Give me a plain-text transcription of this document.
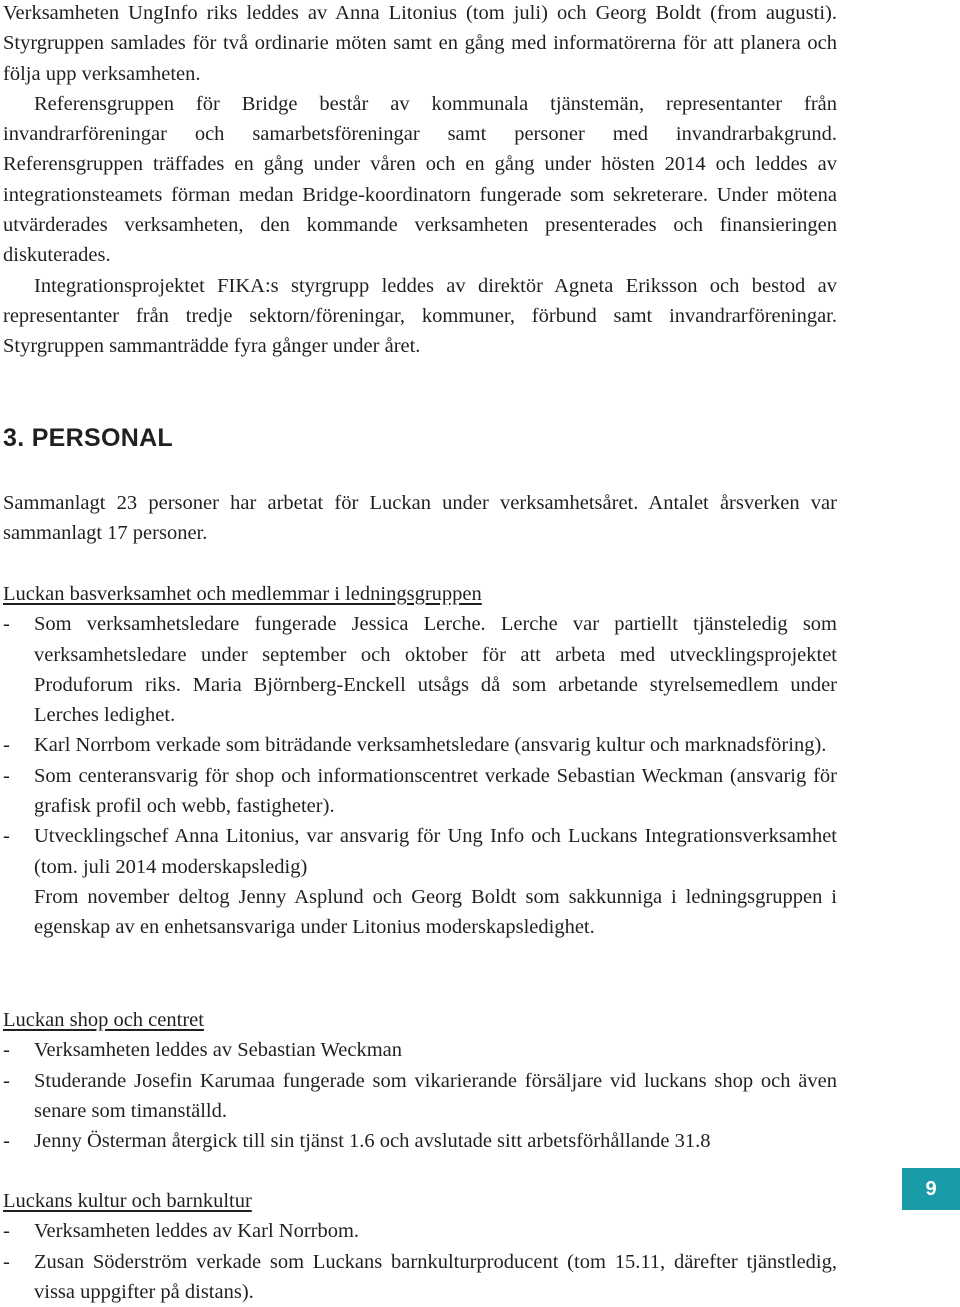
Verksamheten UngInfo riks leddes av Anna Litonius (tom juli) och Georg Boldt (from augusti). Styrgruppen samlades för två ordinarie möten samt en gång med informatörerna för att planera och följa upp verksamheten.

Referensgruppen för Bridge består av kommunala tjänstemän, representanter från invandrarföreningar och samarbetsföreningar samt personer med invandrarbakgrund. Referensgruppen träffades en gång under våren och en gång under hösten 2014 och leddes av integrationsteamets förman medan Bridge-koordinatorn fungerade som sekreterare. Under mötena utvärderades verksamheten, den kommande verksamheten presenterades och finansieringen diskuterades.

Integrationsprojektet FIKA:s styrgrupp leddes av direktör Agneta Eriksson och bestod av representanter från tredje sektorn/föreningar, kommuner, förbund samt invandrarföreningar. Styrgruppen sammanträdde fyra gånger under året.

3. PERSONAL

Sammanlagt 23 personer har arbetat för Luckan under verksamhetsåret. Antalet årsverken var sammanlagt 17 personer.

Luckan basverksamhet och medlemmar i ledningsgruppen

-	Som verksamhetsledare fungerade Jessica Lerche. Lerche var partiellt tjänsteledig som verksamhetsledare under september och oktober för att arbeta med utvecklingsprojektet Produforum riks. Maria Björnberg-Enckell utsågs då som arbetande styrelsemedlem under Lerches ledighet.
-	Karl Norrbom verkade som biträdande verksamhetsledare (ansvarig kultur och marknadsföring).
-	Som centeransvarig för shop och informationscentret verkade Sebastian Weckman (ansvarig för grafisk profil och webb, fastigheter).
-	Utvecklingschef Anna Litonius, var ansvarig för Ung Info och Luckans Integrationsverksamhet (tom. juli 2014 moderskapsledig)
From november deltog Jenny Asplund och Georg Boldt som sakkunniga i ledningsgruppen i egenskap av en enhetsansvariga under Litonius moderskapsledighet.

Luckan shop och centret

-	Verksamheten leddes av Sebastian Weckman
-	Studerande Josefin Karumaa fungerade som vikarierande försäljare vid luckans shop och även senare som timanställd.
-	Jenny Österman återgick till sin tjänst 1.6 och avslutade sitt arbetsförhållande 31.8

Luckans kultur och barnkultur

-	Verksamheten leddes av Karl Norrbom.
-	Zusan Söderström verkade som Luckans barnkulturproducent (tom 15.11, därefter tjänstledig, vissa uppgifter på distans).
9
